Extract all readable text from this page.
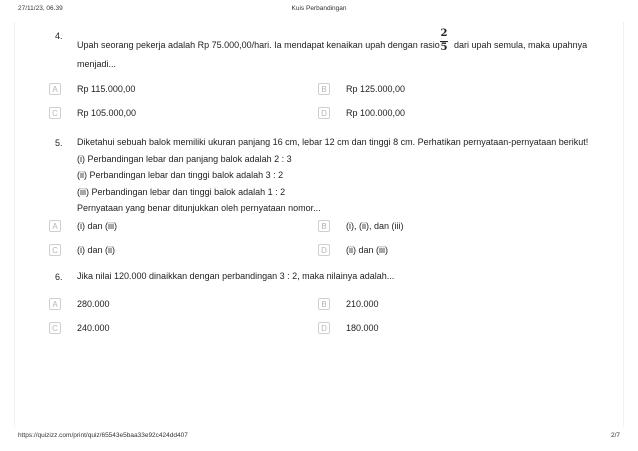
27/11/23, 06.39	Kuis Perbandingan
4.
Upah seorang pekerja adalah Rp 75.000,00/hari. Ia mendapat kenaikan upah dengan rasio
2
5 dari upah semula, maka upahnya
menjadi...
A	Rp 115.000,00	B	Rp 125.000,00
C	Rp 105.000,00	D	Rp 100.000,00
5. Diketahui sebuah balok memiliki ukuran panjang 16 cm, lebar 12 cm dan tinggi 8 cm. Perhatikan pernyataan-pernyataan berikut!
(i) Perbandingan lebar dan panjang balok adalah 2 : 3
(ii) Perbandingan lebar dan tinggi balok adalah 3 : 2
(iii) Perbandingan lebar dan tinggi balok adalah 1 : 2
Pernyataan yang benar ditunjukkan oleh pernyataan nomor...
A	(i) dan (iii)	B	(i), (ii), dan (iii)
C	(i) dan (ii)	D	(ii) dan (iii)
6. Jika nilai 120.000 dinaikkan dengan perbandingan 3 : 2, maka nilainya adalah...
A	280.000	B	210.000
C	240.000	D	180.000
https://quizizz.com/print/quiz/65543e5baa33e92c424dd407	2/7
